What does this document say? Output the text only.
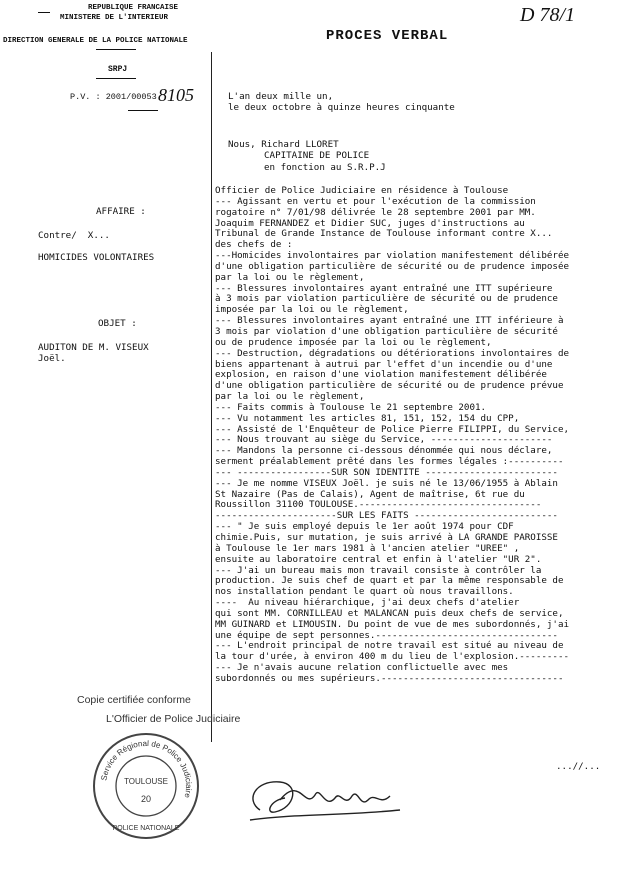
REPUBLIQUE FRANCAISE
MINISTERE DE L'INTERIEUR
DIRECTION GENERALE DE LA POLICE NATIONALE
SRPJ
P.V. : 2001/00053 8105
PROCES VERBAL
D 78/1
L'an deux mille un,
le deux octobre à quinze heures cinquante
Nous, Richard LLORET
CAPITAINE DE POLICE
en fonction au S.R.P.J
AFFAIRE :
Contre/  X...
HOMICIDES VOLONTAIRES
OBJET :
AUDITON DE M. VISEUX
Joël.
Officier de Police Judiciaire en résidence à Toulouse
--- Agissant en vertu et pour l'exécution de la commission
rogatoire n° 7/01/98 délivrée le 28 septembre 2001 par MM.
Joaquim FERNANDEZ et Didier SUC, juges d'instructions au
Tribunal de Grande Instance de Toulouse informant contre X...
des chefs de :
---Homicides involontaires par violation manifestement délibérée
d'une obligation particulière de sécurité ou de prudence imposée
par la loi ou le règlement,
--- Blessures involontaires ayant entraîné une ITT supérieure
à 3 mois par violation particulière de sécurité ou de prudence
imposée par la loi ou le règlement,
--- Blessures involontaires ayant entraîné une ITT inférieure à
3 mois par violation d'une obligation particulière de sécurité
ou de prudence imposée par la loi ou le règlement,
--- Destruction, dégradations ou détériorations involontaires de
biens appartenant à autrui par l'effet d'un incendie ou d'une
explosion, en raison d'une violation manifestement délibérée
d'une obligation particulière de sécurité ou de prudence prévue
par la loi ou le règlement,
--- Faits commis à Toulouse le 21 septembre 2001.
--- Vu notamment les articles 81, 151, 152, 154 du CPP,
--- Assisté de l'Enquêteur de Police Pierre FILIPPI, du Service,
--- Nous trouvant au siège du Service, ----------------------
--- Mandons la personne ci-dessous dénommée qui nous déclare,
serment préalablement prêté dans les formes légales :----------
--- -----------------SUR SON IDENTITE ------------------------
--- Je me nomme VISEUX Joël. je suis né le 13/06/1955 à Ablain
St Nazaire (Pas de Calais), Agent de maîtrise, 6t rue du
Roussillon 31100 TOULOUSE.---------------------------------
----------------------SUR LES FAITS --------------------------
--- " Je suis employé depuis le 1er août 1974 pour CDF
chimie.Puis, sur mutation, je suis arrivé à LA GRANDE PAROISSE
à Toulouse le 1er mars 1981 à l'ancien atelier "UREE" ,
ensuite au laboratoire central et enfin à l'atelier "UR 2".
--- J'ai un bureau mais mon travail consiste à contrôler la
production. Je suis chef de quart et par la même responsable de
nos installation pendant le quart où nous travaillons.
----  Au niveau hiérarchique, j'ai deux chefs d'atelier
qui sont MM. CORNILLEAU et MALANCAN puis deux chefs de service,
MM GUINARD et LIMOUSIN. Du point de vue de mes subordonnés, j'ai
une équipe de sept personnes.---------------------------------
--- L'endroit principal de notre travail est situé au niveau de
la tour d'urée, à environ 400 m du lieu de l'explosion.---------
--- Je n'avais aucune relation conflictuelle avec mes
subordonnés ou mes supérieurs.---------------------------------
...//...
Copie certifiée conforme
L'Officier de Police Judiciaire
Service Régional de Police Judiciaire
TOULOUSE
20
POLICE NATIONALE
